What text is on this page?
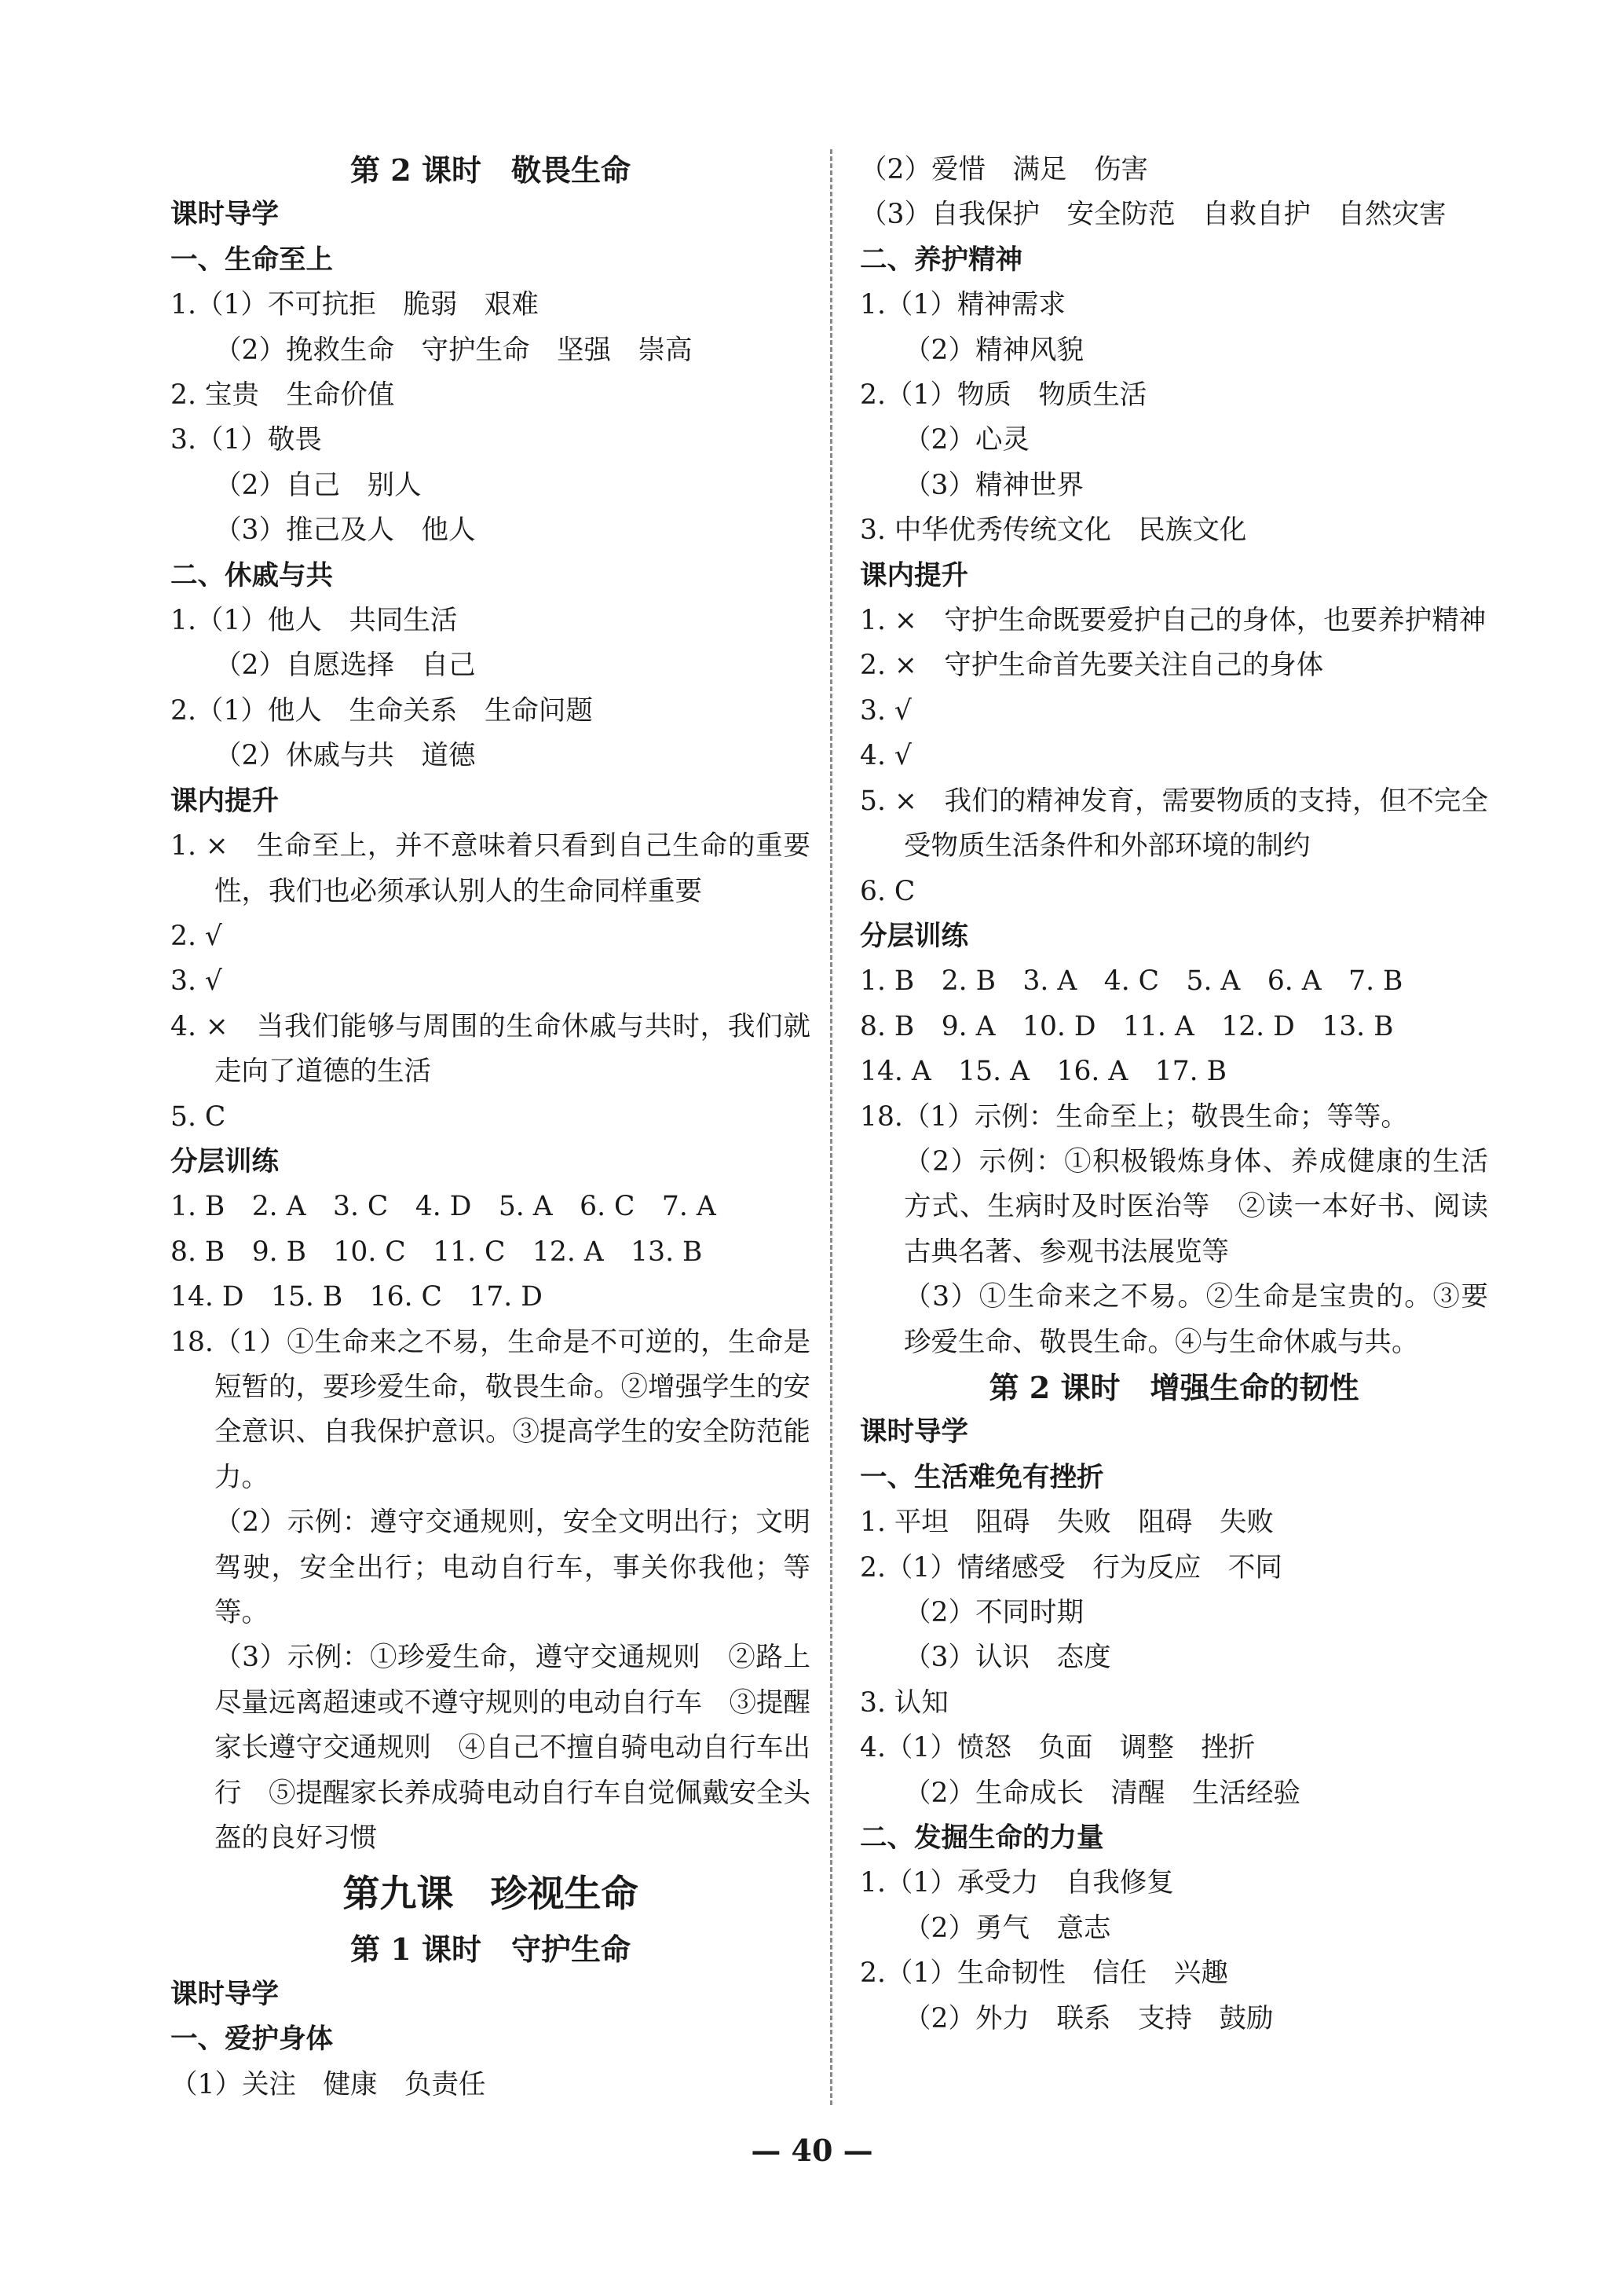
第 2 课时　敬畏生命
课时导学
一、生命至上
1.（1）不可抗拒　脆弱　艰难
（2）挽救生命　守护生命　坚强　崇高
2. 宝贵　生命价值
3.（1）敬畏
（2）自己　别人
（3）推己及人　他人
二、休戚与共
1.（1）他人　共同生活
（2）自愿选择　自己
2.（1）他人　生命关系　生命问题
（2）休戚与共　道德
课内提升
1. ×　生命至上，并不意味着只看到自己生命的重要性，我们也必须承认别人的生命同样重要
2. √
3. √
4. ×　当我们能够与周围的生命休戚与共时，我们就走向了道德的生活
5. C
分层训练
1. B　2. A　3. C　4. D　5. A　6. C　7. A
8. B　9. B　10. C　11. C　12. A　13. B
14. D　15. B　16. C　17. D
18.（1）①生命来之不易，生命是不可逆的，生命是短暂的，要珍爱生命，敬畏生命。②增强学生的安全意识、自我保护意识。③提高学生的安全防范能力。
（2）示例：遵守交通规则，安全文明出行；文明驾驶，安全出行；电动自行车，事关你我他；等等。
（3）示例：①珍爱生命，遵守交通规则　②路上尽量远离超速或不遵守规则的电动自行车　③提醒家长遵守交通规则　④自己不擅自骑电动自行车出行　⑤提醒家长养成骑电动自行车自觉佩戴安全头盔的良好习惯
第九课　珍视生命
第 1 课时　守护生命
课时导学
一、爱护身体
（1）关注　健康　负责任
（2）爱惜　满足　伤害
（3）自我保护　安全防范　自救自护　自然灾害
二、养护精神
1.（1）精神需求
（2）精神风貌
2.（1）物质　物质生活
（2）心灵
（3）精神世界
3. 中华优秀传统文化　民族文化
课内提升
1. ×　守护生命既要爱护自己的身体，也要养护精神
2. ×　守护生命首先要关注自己的身体
3. √
4. √
5. ×　我们的精神发育，需要物质的支持，但不完全受物质生活条件和外部环境的制约
6. C
分层训练
1. B　2. B　3. A　4. C　5. A　6. A　7. B
8. B　9. A　10. D　11. A　12. D　13. B
14. A　15. A　16. A　17. B
18.（1）示例：生命至上；敬畏生命；等等。
（2）示例：①积极锻炼身体、养成健康的生活方式、生病时及时医治等　②读一本好书、阅读古典名著、参观书法展览等
（3）①生命来之不易。②生命是宝贵的。③要珍爱生命、敬畏生命。④与生命休戚与共。
第 2 课时　增强生命的韧性
课时导学
一、生活难免有挫折
1. 平坦　阻碍　失败　阻碍　失败
2.（1）情绪感受　行为反应　不同
（2）不同时期
（3）认识　态度
3. 认知
4.（1）愤怒　负面　调整　挫折
（2）生命成长　清醒　生活经验
二、发掘生命的力量
1.（1）承受力　自我修复
（2）勇气　意志
2.（1）生命韧性　信任　兴趣
（2）外力　联系　支持　鼓励
— 40 —
